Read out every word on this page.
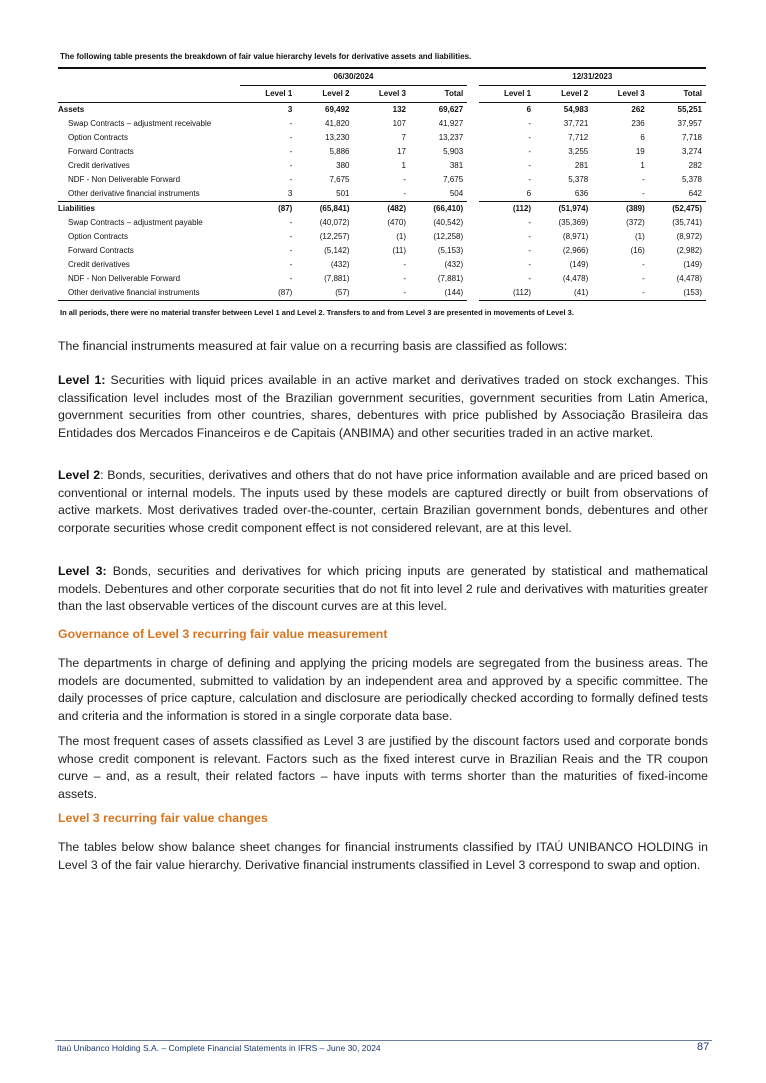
The following table presents the breakdown of fair value hierarchy levels for derivative assets and liabilities.

	06/30/2024					12/31/2023			
	Level 1	Level 2	Level 3	Total		Level 1	Level 2	Level 3	Total
Assets	3	69,492	132	69,627		6	54,983	262	55,251
Swap Contracts – adjustment receivable	-	41,820	107	41,927		-	37,721	236	37,957
Option Contracts	-	13,230	7	13,237		-	7,712	6	7,718
Forward Contracts	-	5,886	17	5,903		-	3,255	19	3,274
Credit derivatives	-	380	1	381		-	281	1	282
NDF - Non Deliverable Forward	-	7,675	-	7,675		-	5,378	-	5,378
Other derivative financial instruments	3	501	-	504		6	636	-	642
Liabilities	(87)	(65,841)	(482)	(66,410)		(112)	(51,974)	(389)	(52,475)
Swap Contracts – adjustment payable	-	(40,072)	(470)	(40,542)		-	(35,369)	(372)	(35,741)
Option Contracts	-	(12,257)	(1)	(12,258)		-	(8,971)	(1)	(8,972)
Forward Contracts	-	(5,142)	(11)	(5,153)		-	(2,966)	(16)	(2,982)
Credit derivatives	-	(432)	-	(432)		-	(149)	-	(149)
NDF - Non Deliverable Forward	-	(7,881)	-	(7,881)		-	(4,478)	-	(4,478)
Other derivative financial instruments	(87)	(57)	-	(144)		(112)	(41)	-	(153)
In all periods, there were no material transfer between Level 1 and Level 2. Transfers to and from Level 3 are presented in movements of Level 3.

The financial instruments measured at fair value on a recurring basis are classified as follows:

Level 1: Securities with liquid prices available in an active market and derivatives traded on stock exchanges. This classification level includes most of the Brazilian government securities, government securities from Latin America, government securities from other countries, shares, debentures with price published by Associação Brasileira das Entidades dos Mercados Financeiros e de Capitais (ANBIMA) and other securities traded in an active market.

Level 2: Bonds, securities, derivatives and others that do not have price information available and are priced based on conventional or internal models. The inputs used by these models are captured directly or built from observations of active markets. Most derivatives traded over-the-counter, certain Brazilian government bonds, debentures and other corporate securities whose credit component effect is not considered relevant, are at this level.

Level 3: Bonds, securities and derivatives for which pricing inputs are generated by statistical and mathematical models. Debentures and other corporate securities that do not fit into level 2 rule and derivatives with maturities greater than the last observable vertices of the discount curves are at this level.

Governance of Level 3 recurring fair value measurement

The departments in charge of defining and applying the pricing models are segregated from the business areas. The models are documented, submitted to validation by an independent area and approved by a specific committee. The daily processes of price capture, calculation and disclosure are periodically checked according to formally defined tests and criteria and the information is stored in a single corporate data base.

The most frequent cases of assets classified as Level 3 are justified by the discount factors used and corporate bonds whose credit component is relevant. Factors such as the fixed interest curve in Brazilian Reais and the TR coupon curve – and, as a result, their related factors – have inputs with terms shorter than the maturities of fixed-income assets.

Level 3 recurring fair value changes

The tables below show balance sheet changes for financial instruments classified by ITAÚ UNIBANCO HOLDING in Level 3 of the fair value hierarchy. Derivative financial instruments classified in Level 3 correspond to swap and option.

Itaú Unibanco Holding S.A. – Complete Financial Statements in IFRS – June 30, 2024	87
